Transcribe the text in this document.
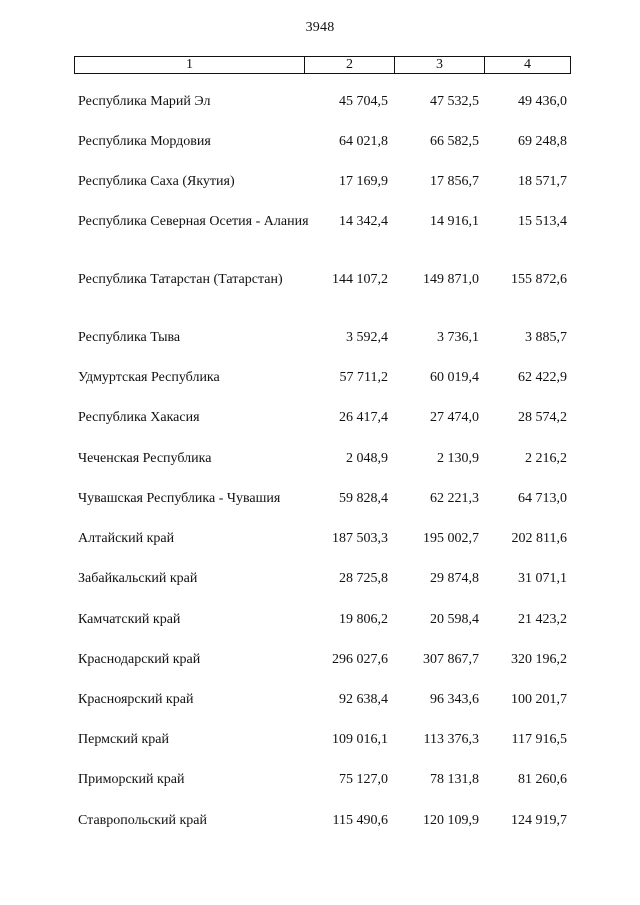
3948
1	2	3	4
Республика Марий Эл	45 704,5	47 532,5	49 436,0
Республика Мордовия	64 021,8	66 582,5	69 248,8
Республика Саха (Якутия)	17 169,9	17 856,7	18 571,7
Республика Северная Осетия - Алания	14 342,4	14 916,1	15 513,4
Республика Татарстан (Татарстан)	144 107,2	149 871,0	155 872,6
Республика Тыва	3 592,4	3 736,1	3 885,7
Удмуртская Республика	57 711,2	60 019,4	62 422,9
Республика Хакасия	26 417,4	27 474,0	28 574,2
Чеченская Республика	2 048,9	2 130,9	2 216,2
Чувашская Республика - Чувашия	59 828,4	62 221,3	64 713,0
Алтайский край	187 503,3	195 002,7	202 811,6
Забайкальский край	28 725,8	29 874,8	31 071,1
Камчатский край	19 806,2	20 598,4	21 423,2
Краснодарский край	296 027,6	307 867,7	320 196,2
Красноярский край	92 638,4	96 343,6	100 201,7
Пермский край	109 016,1	113 376,3	117 916,5
Приморский край	75 127,0	78 131,8	81 260,6
Ставропольский край	115 490,6	120 109,9	124 919,7
